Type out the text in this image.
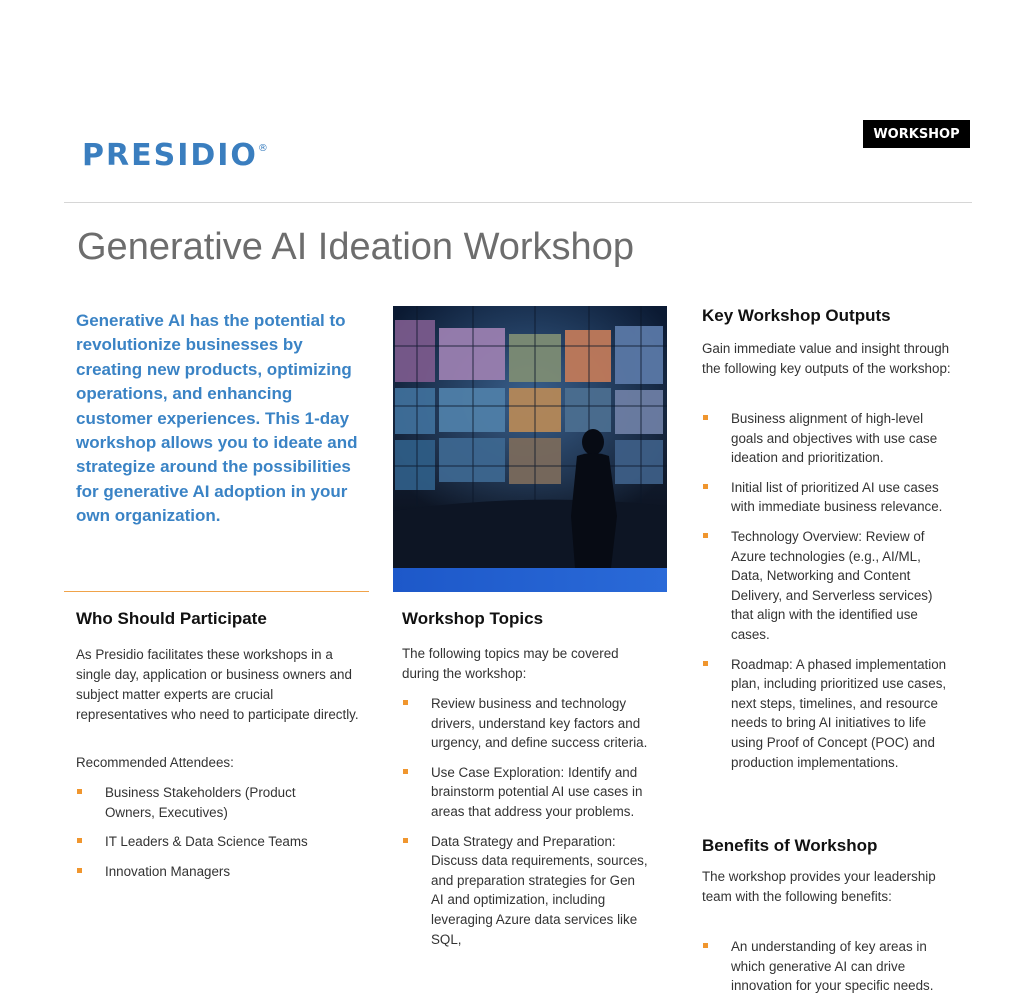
PRESIDIO®
WORKSHOP
Generative AI Ideation Workshop
Generative AI has the potential to revolutionize businesses by creating new products, optimizing operations, and enhancing customer experiences. This 1-day workshop allows you to ideate and strategize around the possibilities for generative AI adoption in your own organization.
Who Should Participate

As Presidio facilitates these workshops in a single day, application or business owners and subject matter experts are crucial representatives who need to participate directly.

Recommended Attendees:

Business Stakeholders (Product Owners, Executives)
IT Leaders & Data Science Teams
Innovation Managers
Workshop Topics

The following topics may be covered during the workshop:

Review business and technology drivers, understand key factors and urgency, and define success criteria.
Use Case Exploration: Identify and brainstorm potential AI use cases in areas that address your problems.
Data Strategy and Preparation: Discuss data requirements, sources, and preparation strategies for Gen AI and optimization, including leveraging Azure data services like SQL,
Key Workshop Outputs

Gain immediate value and insight through the following key outputs of the workshop:

Business alignment of high-level goals and objectives with use case ideation and prioritization.
Initial list of prioritized AI use cases with immediate business relevance.
Technology Overview: Review of Azure technologies (e.g., AI/ML, Data, Networking and Content Delivery, and Serverless services) that align with the identified use cases.
Roadmap: A phased implementation plan, including prioritized use cases, next steps, timelines, and resource needs to bring AI initiatives to life using Proof of Concept (POC) and production implementations.
Benefits of Workshop

The workshop provides your leadership team with the following benefits:

An understanding of key areas in which generative AI can drive innovation for your specific needs.
